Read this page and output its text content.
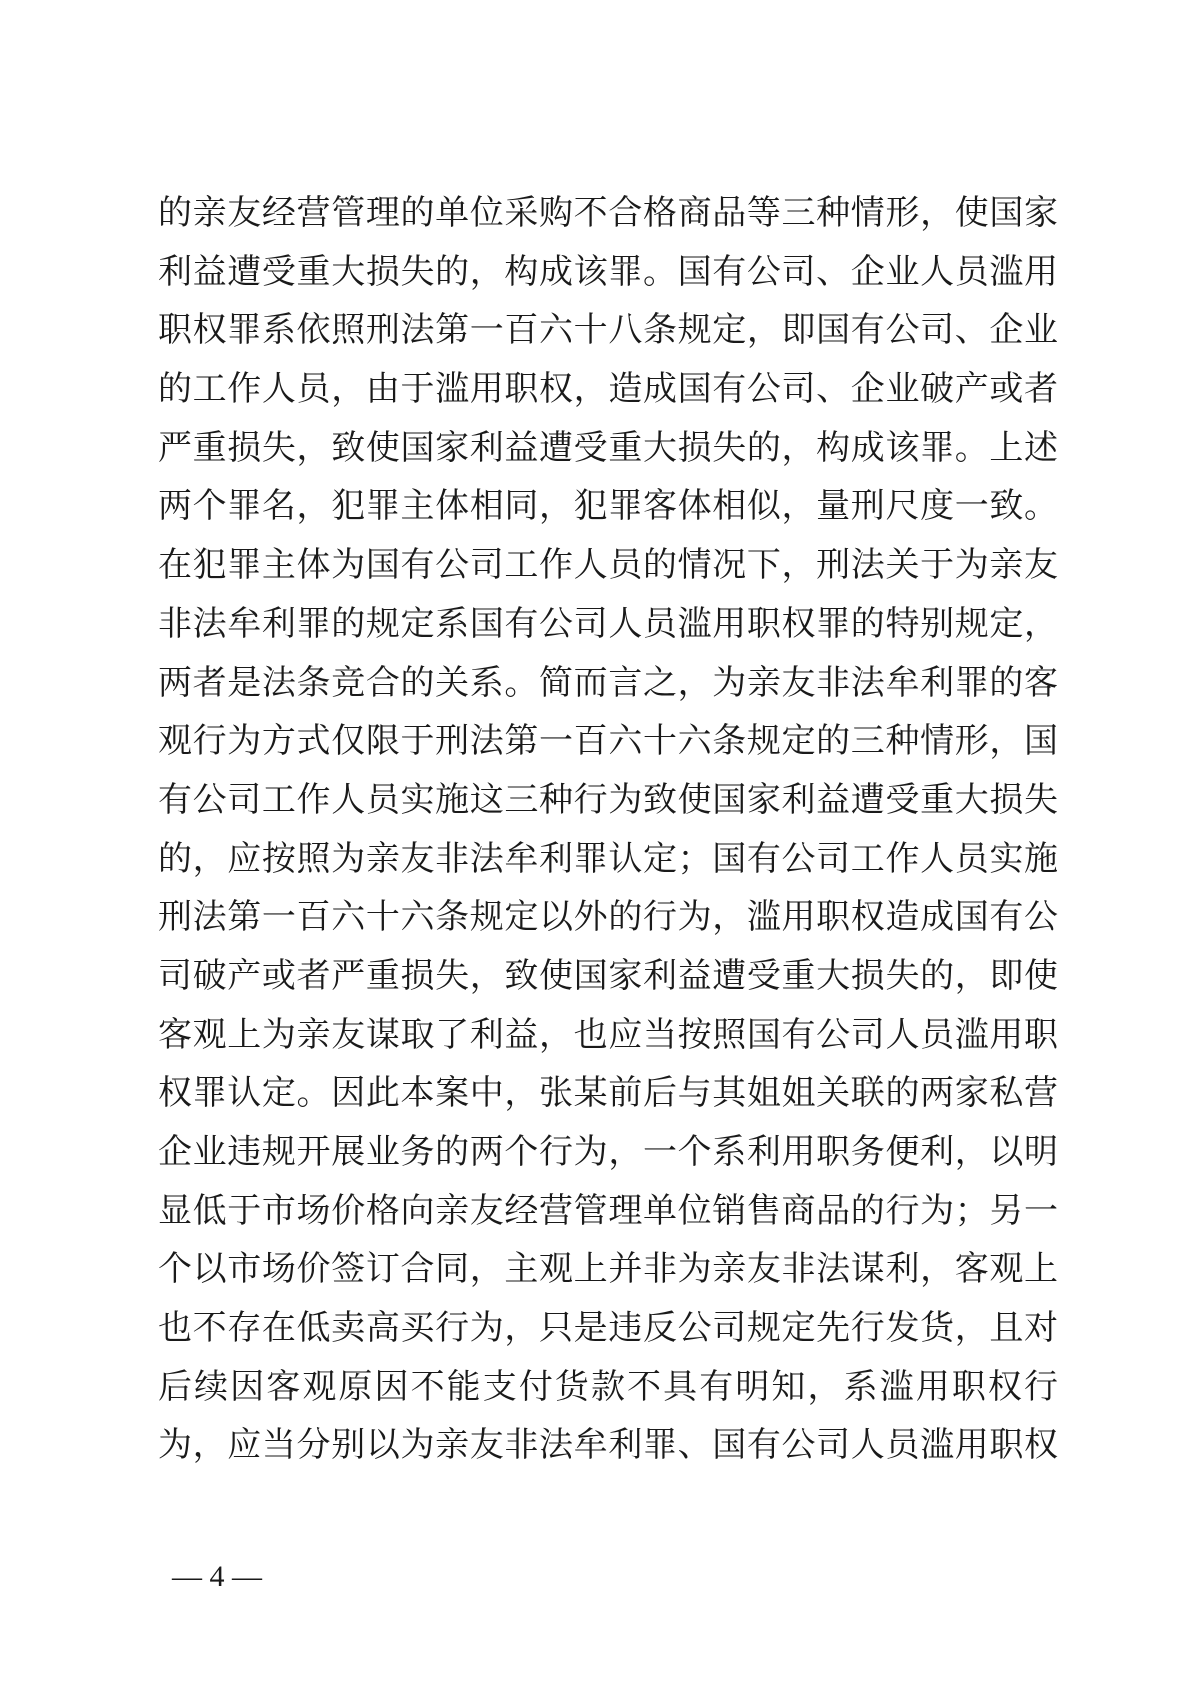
的亲友经营管理的单位采购不合格商品等三种情形，使国家
利益遭受重大损失的，构成该罪。国有公司、企业人员滥用
职权罪系依照刑法第一百六十八条规定，即国有公司、企业
的工作人员，由于滥用职权，造成国有公司、企业破产或者
严重损失，致使国家利益遭受重大损失的，构成该罪。上述
两个罪名，犯罪主体相同，犯罪客体相似，量刑尺度一致。
在犯罪主体为国有公司工作人员的情况下，刑法关于为亲友
非法牟利罪的规定系国有公司人员滥用职权罪的特别规定，
两者是法条竞合的关系。简而言之，为亲友非法牟利罪的客
观行为方式仅限于刑法第一百六十六条规定的三种情形，国
有公司工作人员实施这三种行为致使国家利益遭受重大损失
的，应按照为亲友非法牟利罪认定；国有公司工作人员实施
刑法第一百六十六条规定以外的行为，滥用职权造成国有公
司破产或者严重损失，致使国家利益遭受重大损失的，即使
客观上为亲友谋取了利益，也应当按照国有公司人员滥用职
权罪认定。因此本案中，张某前后与其姐姐关联的两家私营
企业违规开展业务的两个行为，一个系利用职务便利，以明
显低于市场价格向亲友经营管理单位销售商品的行为；另一
个以市场价签订合同，主观上并非为亲友非法谋利，客观上
也不存在低卖高买行为，只是违反公司规定先行发货，且对
后续因客观原因不能支付货款不具有明知，系滥用职权行
为，应当分别以为亲友非法牟利罪、国有公司人员滥用职权
— 4 —
